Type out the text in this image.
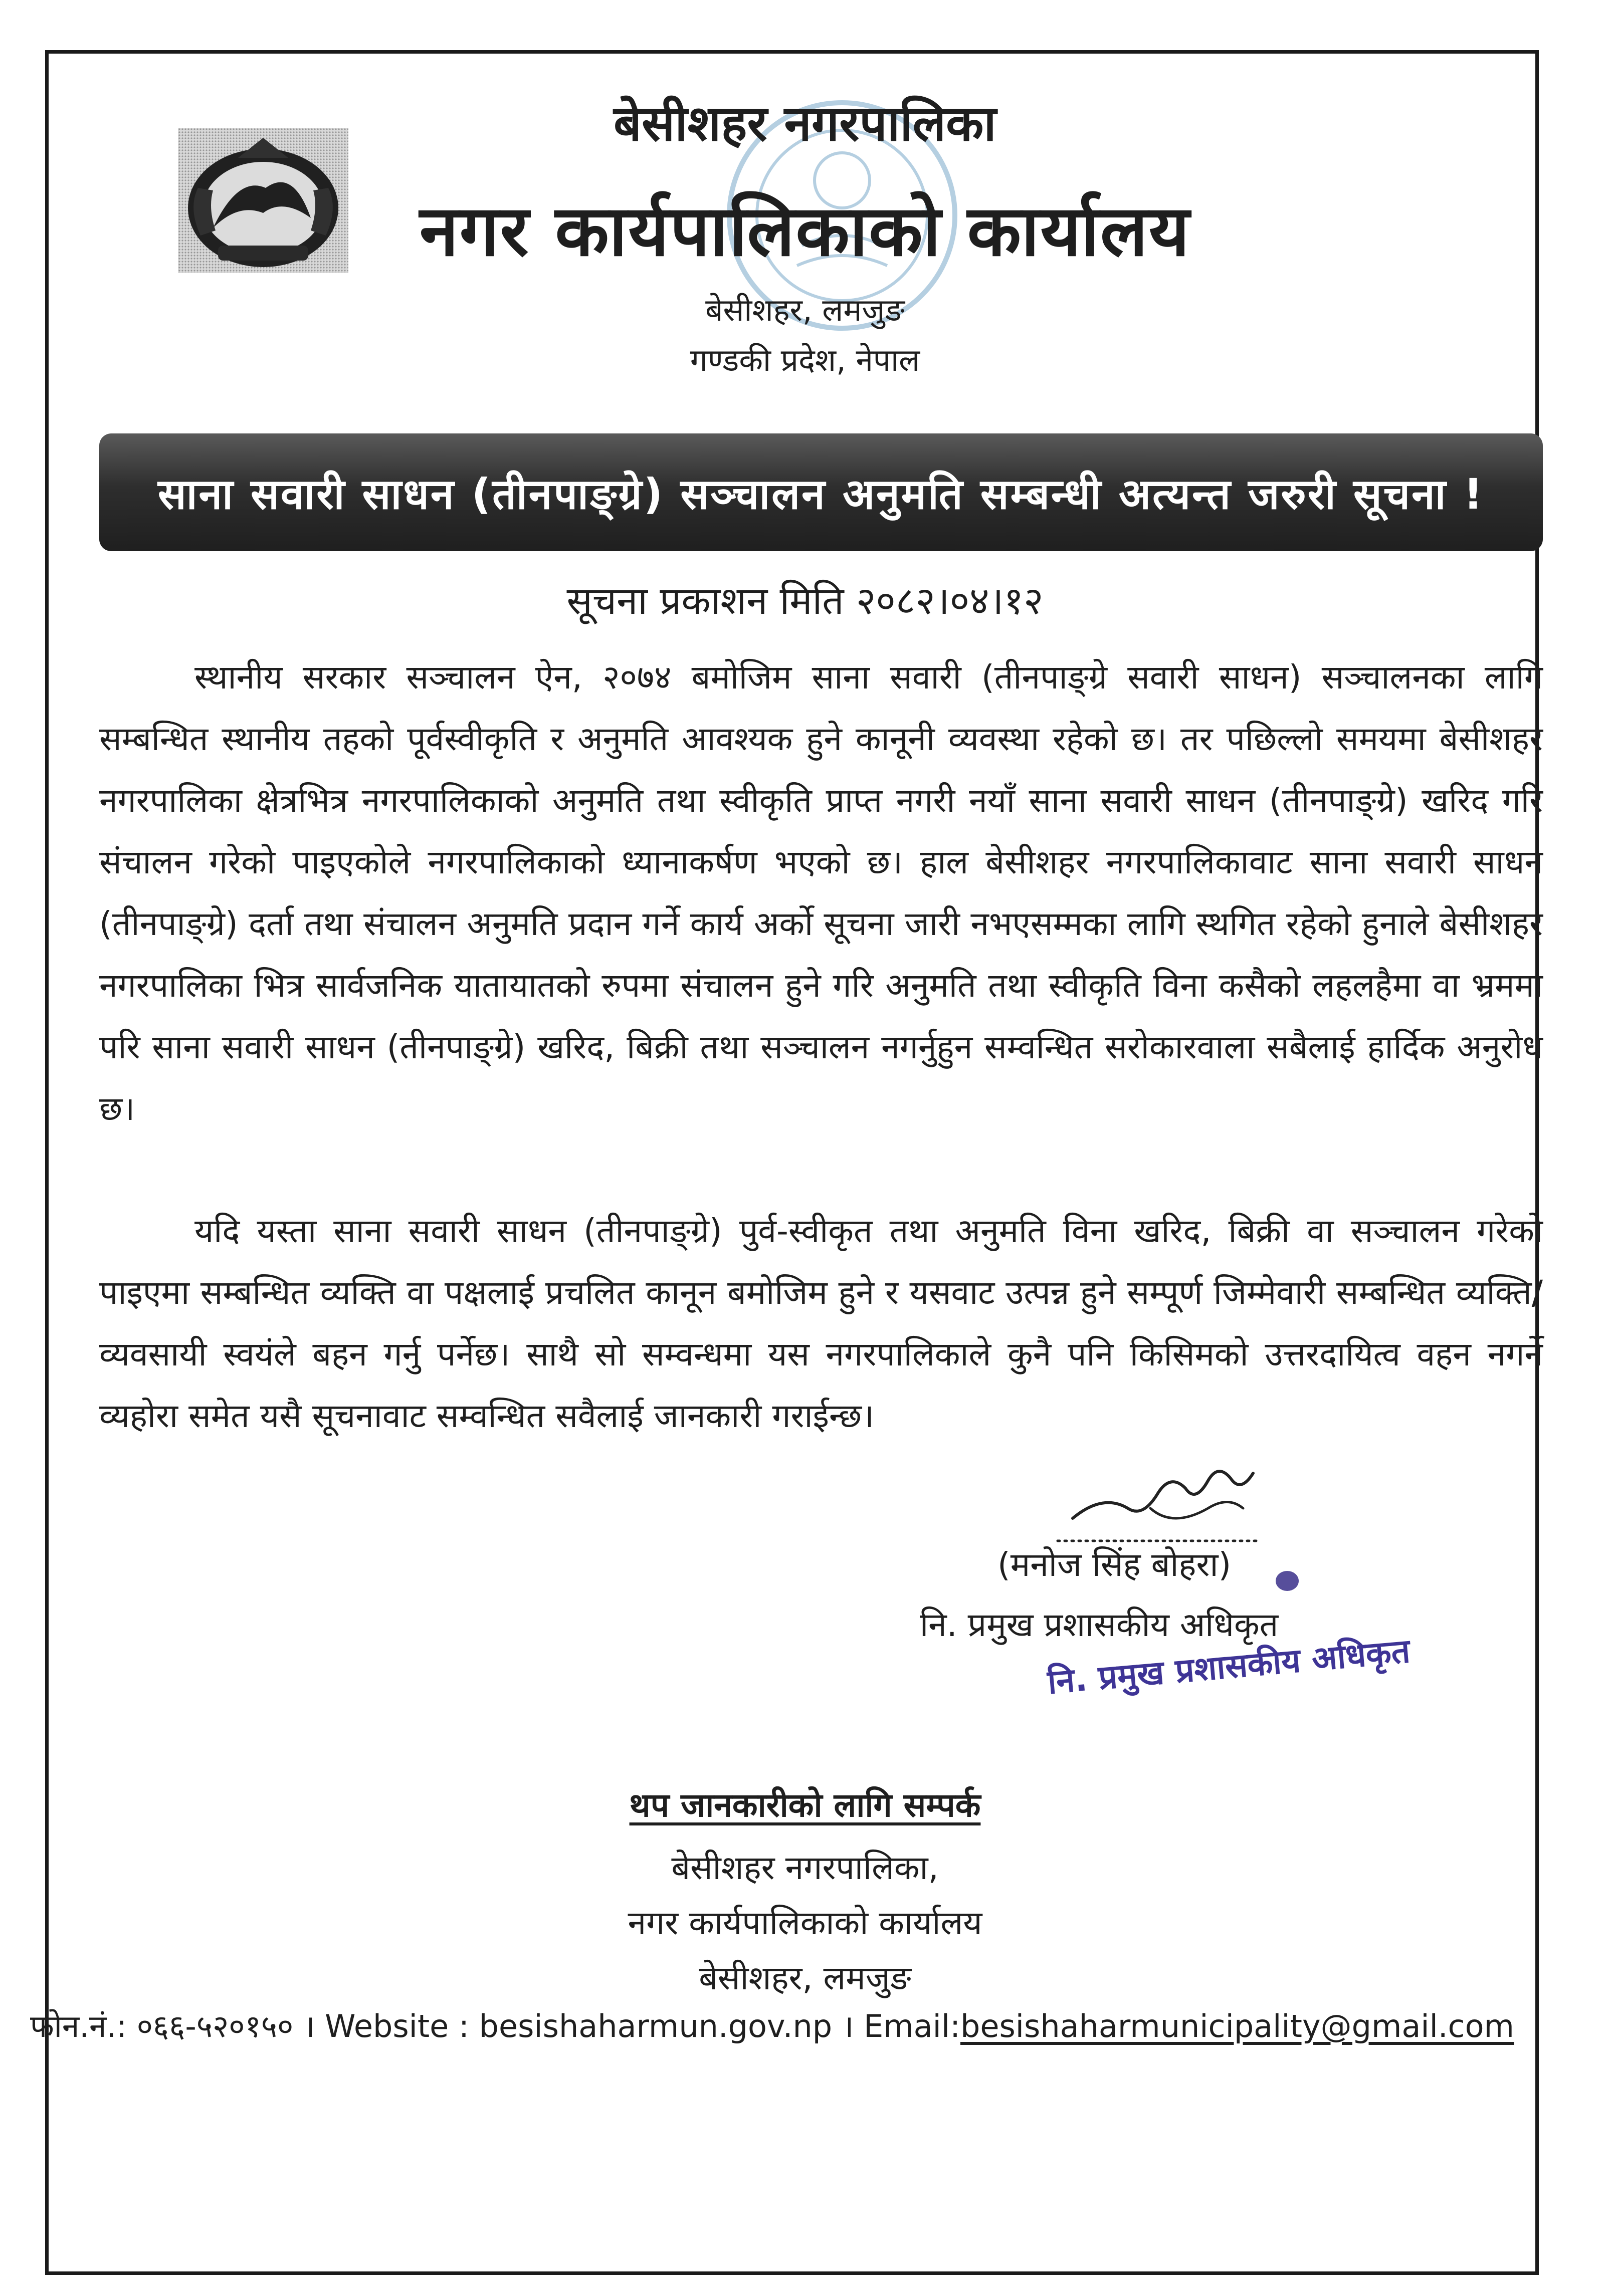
बेसीशहर नगरपालिका
नगर कार्यपालिकाको कार्यालय
बेसीशहर, लमजुङ
गण्डकी प्रदेश, नेपाल
साना सवारी साधन (तीनपाङ्ग्रे) सञ्चालन अनुमति सम्बन्धी अत्यन्त जरुरी सूचना !
सूचना प्रकाशन मिति २०८२।०४।१२

स्थानीय सरकार सञ्चालन ऐन, २०७४ बमोजिम साना सवारी (तीनपाङ्ग्रे सवारी साधन) सञ्चालनका लागि सम्बन्धित स्थानीय तहको पूर्वस्वीकृति र अनुमति आवश्यक हुने कानूनी व्यवस्था रहेको छ। तर पछिल्लो समयमा बेसीशहर नगरपालिका क्षेत्रभित्र नगरपालिकाको अनुमति तथा स्वीकृति प्राप्त नगरी नयाँ साना सवारी साधन (तीनपाङ्ग्रे) खरिद गरि संचालन गरेको पाइएकोले नगरपालिकाको ध्यानाकर्षण भएको छ। हाल बेसीशहर नगरपालिकावाट साना सवारी साधन (तीनपाङ्ग्रे) दर्ता तथा संचालन अनुमति प्रदान गर्ने कार्य अर्को सूचना जारी नभएसम्मका लागि स्थगित रहेको हुनाले बेसीशहर नगरपालिका भित्र सार्वजनिक यातायातको रुपमा संचालन हुने गरि अनुमति तथा स्वीकृति विना कसैको लहलहैमा वा भ्रममा परि साना सवारी साधन (तीनपाङ्ग्रे) खरिद, बिक्री तथा सञ्चालन नगर्नुहुन सम्वन्धित सरोकारवाला सबैलाई हार्दिक अनुरोध छ।

यदि यस्ता साना सवारी साधन (तीनपाङ्ग्रे) पुर्व-स्वीकृत तथा अनुमति विना खरिद, बिक्री वा सञ्चालन गरेको पाइएमा सम्बन्धित व्यक्ति वा पक्षलाई प्रचलित कानून बमोजिम हुने र यसवाट उत्पन्न हुने सम्पूर्ण जिम्मेवारी सम्बन्धित व्यक्ति/व्यवसायी स्वयंले बहन गर्नु पर्नेछ। साथै सो सम्वन्धमा यस नगरपालिकाले कुनै पनि किसिमको उत्तरदायित्व वहन नगर्ने व्यहोरा समेत यसै सूचनावाट सम्वन्धित सवैलाई जानकारी गराईन्छ।

(मनोज सिंह बोहरा)
नि. प्रमुख प्रशासकीय अधिकृत
नि. प्रमुख प्रशासकीय अधिकृत
थप जानकारीको लागि सम्पर्क
बेसीशहर नगरपालिका,
नगर कार्यपालिकाको कार्यालय
बेसीशहर, लमजुङ
फोन.नं.: ०६६-५२०१५० । Website : besishaharmun.gov.np । Email:besishaharmunicipality@gmail.com
